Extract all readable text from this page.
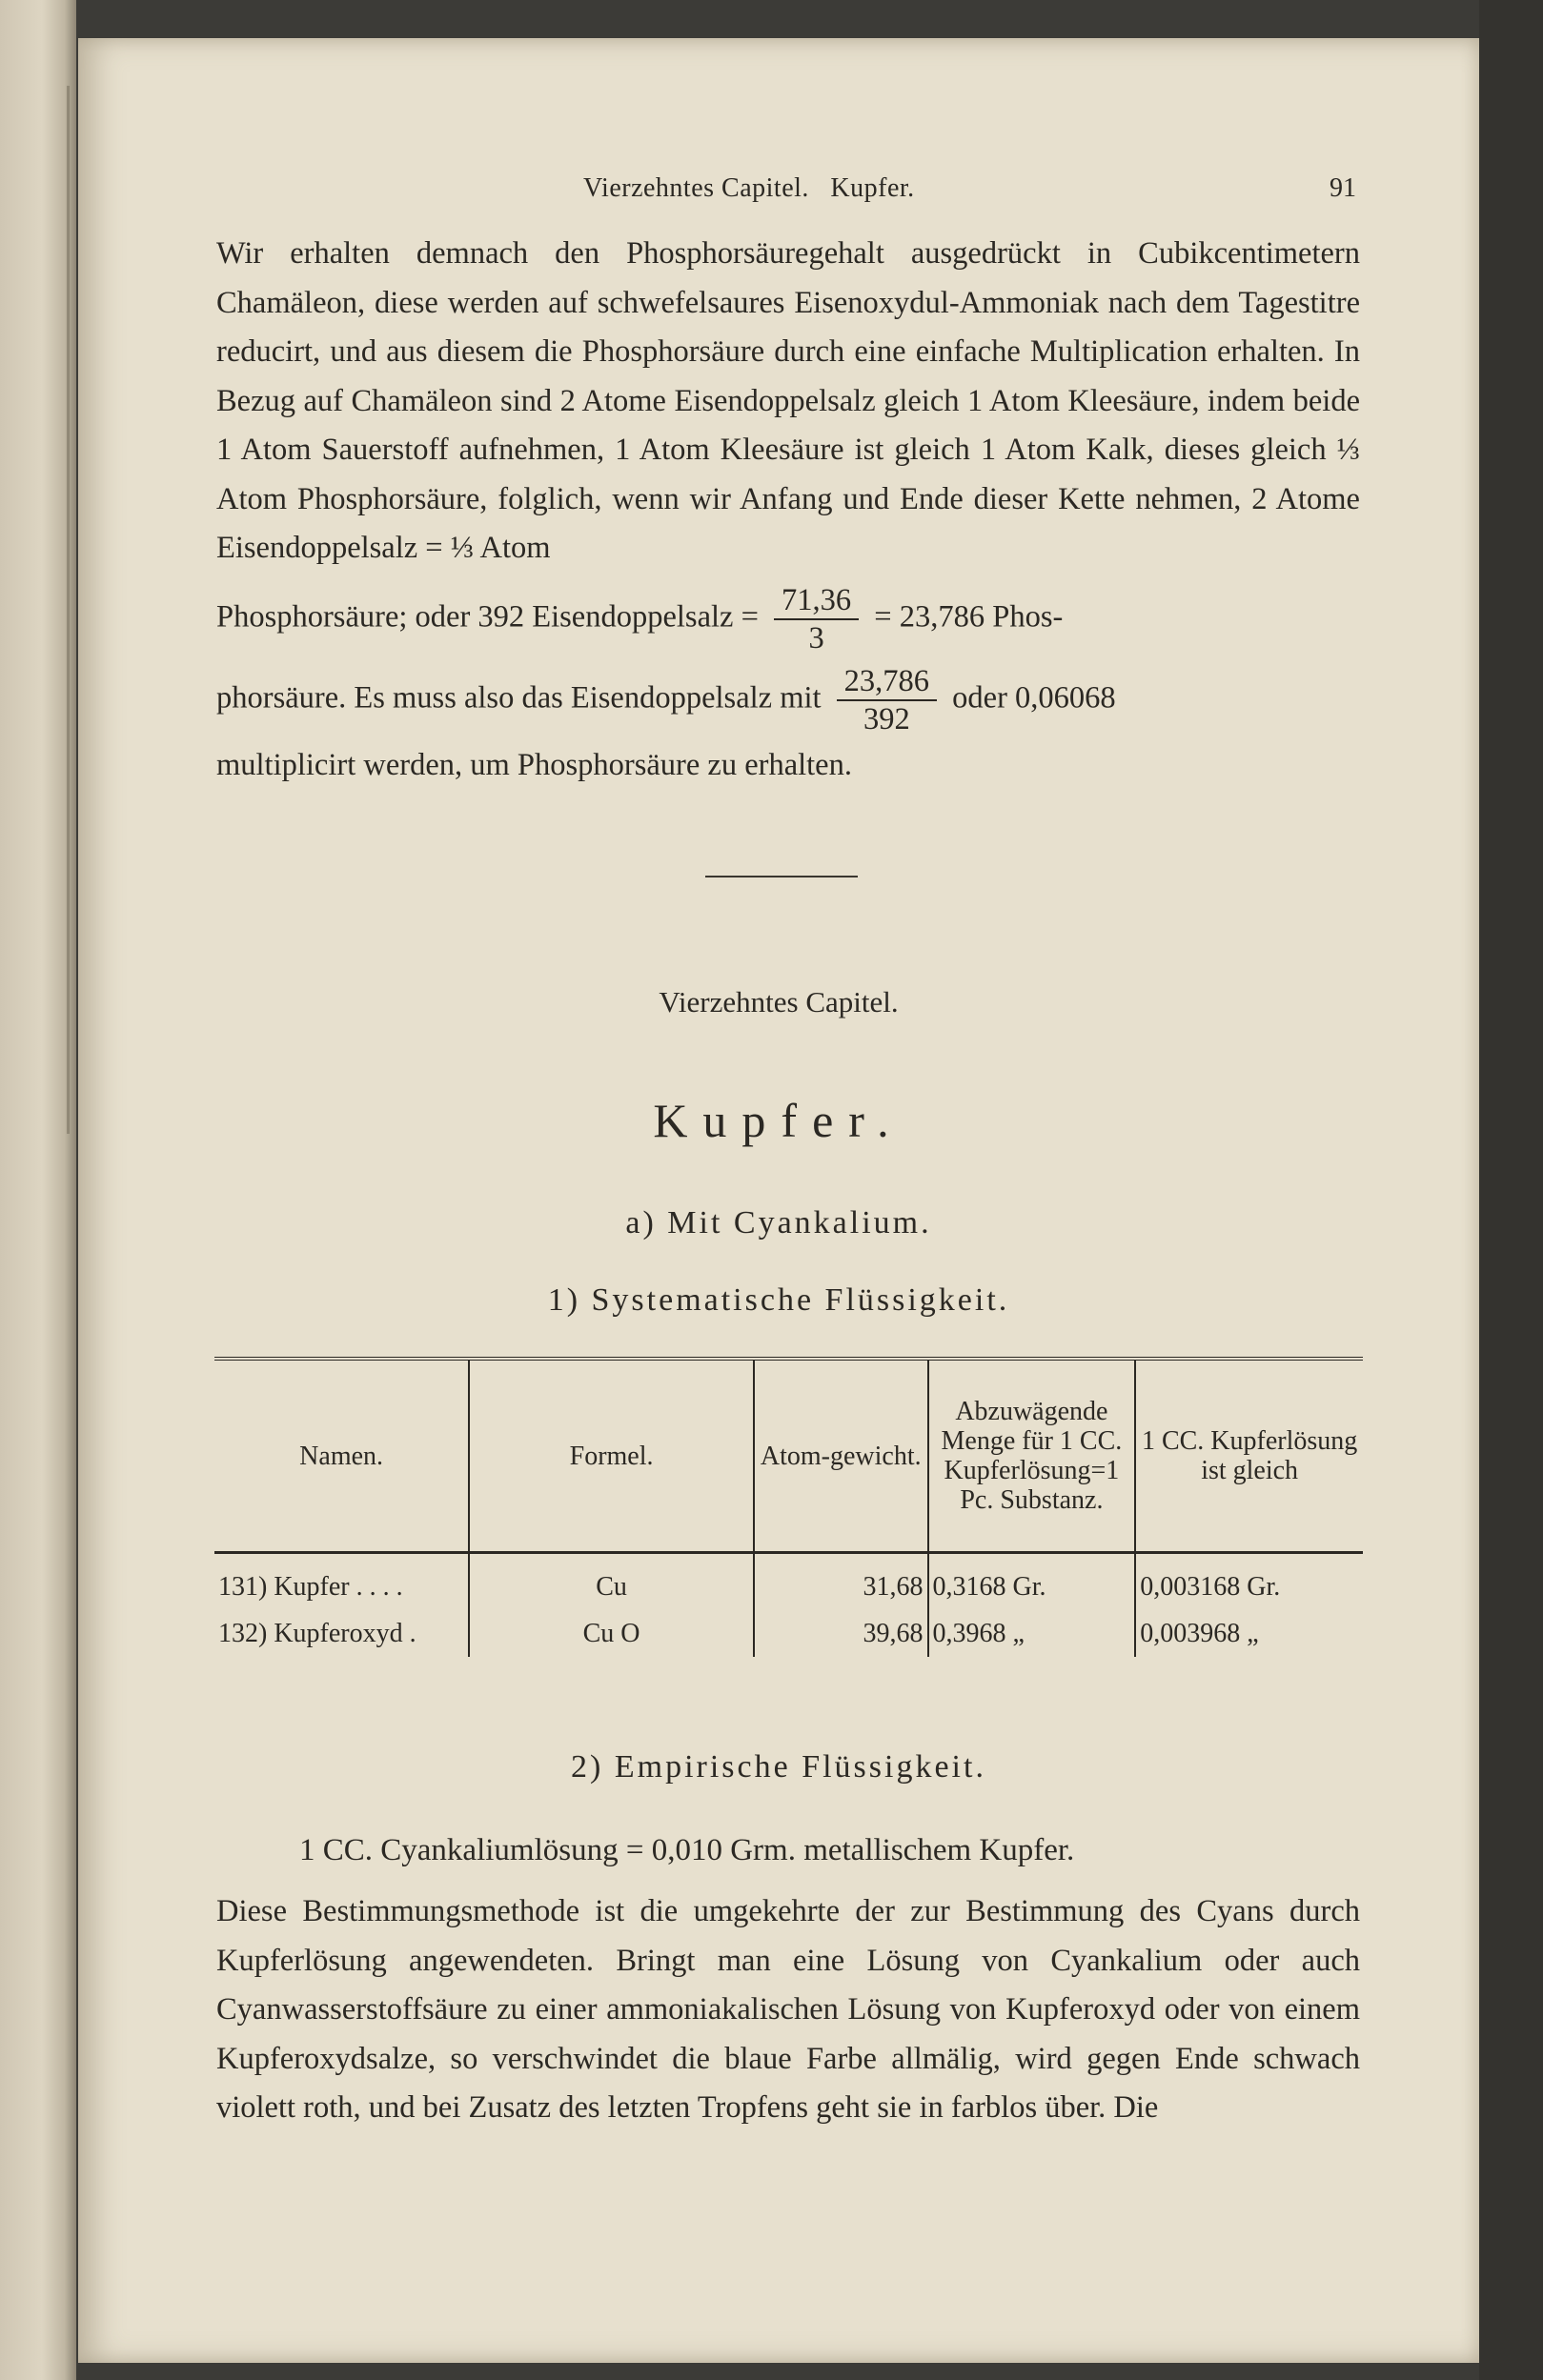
Vierzehntes Capitel.   Kupfer.	91
Wir erhalten demnach den Phosphorsäuregehalt ausgedrückt in Cubikcentimetern Chamäleon, diese werden auf schwefelsaures Eisenoxydul-Ammoniak nach dem Tagestitre reducirt, und aus diesem die Phosphorsäure durch eine einfache Multiplication erhalten. In Bezug auf Chamäleon sind 2 Atome Eisendoppelsalz gleich 1 Atom Kleesäure, indem beide 1 Atom Sauerstoff aufnehmen, 1 Atom Kleesäure ist gleich 1 Atom Kalk, dieses gleich ⅓ Atom Phosphorsäure, folglich, wenn wir Anfang und Ende dieser Kette nehmen, 2 Atome Eisendoppelsalz = ⅓ Atom
Phosphorsäure; oder 392 Eisendoppelsalz = $\frac{71,36}{3} = 23,786$ Phos-
phorsäure. Es muss also das Eisendoppelsalz mit $\frac{23,786}{392}$ oder 0,06068
multiplicirt werden, um Phosphorsäure zu erhalten.
Vierzehntes Capitel.
Kupfer.
a) Mit Cyankalium.
1) Systematische Flüssigkeit.
Namen.	Formel.	Atom-gewicht.	Abzuwägende Menge für 1 CC. Kupferlösung=1 Pc. Substanz.	1 CC. Kupferlösung ist gleich
131) Kupfer . . . .	Cu	31,68	0,3168 Gr.	0,003168 Gr.
132) Kupferoxyd .	Cu O	39,68	0,3968 „	0,003968 „
2) Empirische Flüssigkeit.
1 CC. Cyankaliumlösung = 0,010 Grm. metallischem Kupfer.
Diese Bestimmungsmethode ist die umgekehrte der zur Bestimmung des Cyans durch Kupferlösung angewendeten. Bringt man eine Lösung von Cyankalium oder auch Cyanwasserstoffsäure zu einer ammoniakalischen Lösung von Kupferoxyd oder von einem Kupferoxydsalze, so verschwindet die blaue Farbe allmälig, wird gegen Ende schwach violett roth, und bei Zusatz des letzten Tropfens geht sie in farblos über. Die
